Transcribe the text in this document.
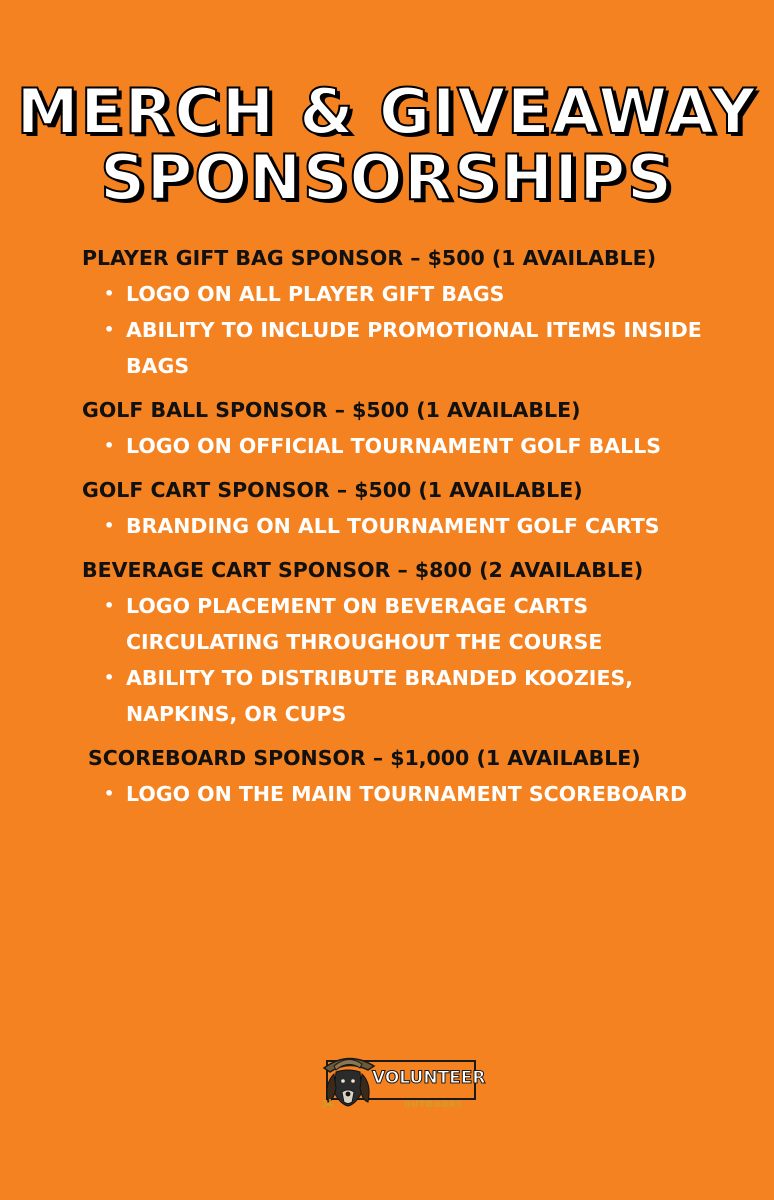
MERCH & GIVEAWAY
SPONSORSHIPS

PLAYER GIFT BAG SPONSOR – $500 (1 AVAILABLE)

• LOGO ON ALL PLAYER GIFT BAGS
• ABILITY TO INCLUDE PROMOTIONAL ITEMS INSIDE BAGS

GOLF BALL SPONSOR – $500 (1 AVAILABLE)

• LOGO ON OFFICIAL TOURNAMENT GOLF BALLS

GOLF CART SPONSOR – $500 (1 AVAILABLE)

• BRANDING ON ALL TOURNAMENT GOLF CARTS

BEVERAGE CART SPONSOR – $800 (2 AVAILABLE)

• LOGO PLACEMENT ON BEVERAGE CARTS CIRCULATING THROUGHOUT THE COURSE
• ABILITY TO DISTRIBUTE BRANDED KOOZIES, NAPKINS, OR CUPS

SCOREBOARD SPONSOR – $1,000 (1 AVAILABLE)

• LOGO ON THE MAIN TOURNAMENT SCOREBOARD
VOLUNTEER
OUTDOORS
